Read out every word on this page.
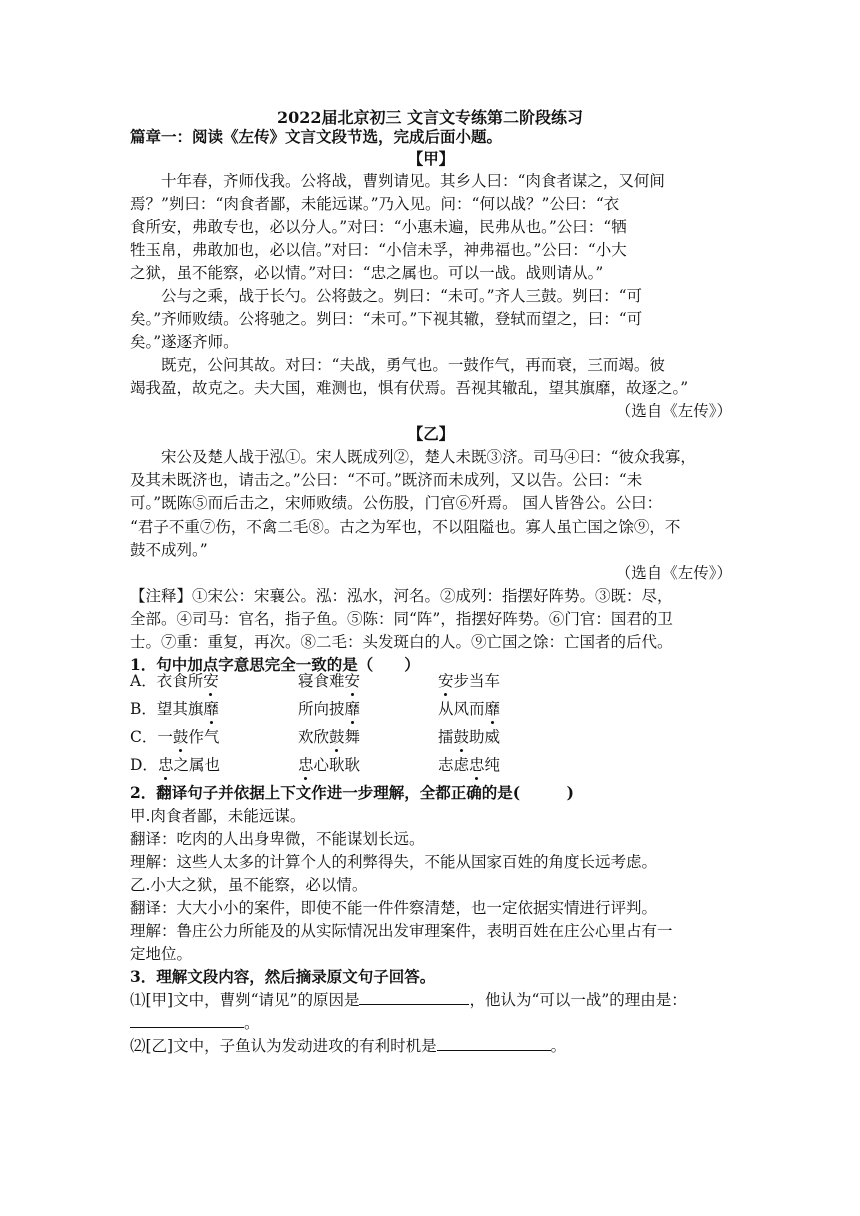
2022届北京初三 文言文专练第二阶段练习
篇章一：阅读《左传》文言文段节选，完成后面小题。
【甲】
十年春，齐师伐我。公将战，曹刿请见。其乡人曰：“肉食者谋之，又何间
焉？”刿曰：“肉食者鄙，未能远谋。”乃入见。问：“何以战？”公曰：“衣
食所安，弗敢专也，必以分人。”对曰：“小惠未遍，民弗从也。”公曰：“牺
牲玉帛，弗敢加也，必以信。”对曰：“小信未孚，神弗福也。”公曰：“小大
之狱，虽不能察，必以情。”对曰：“忠之属也。可以一战。战则请从。”
公与之乘，战于长勺。公将鼓之。刿曰：“未可。”齐人三鼓。刿曰：“可
矣。”齐师败绩。公将驰之。刿曰：“未可。”下视其辙，登轼而望之，曰：“可
矣。”遂逐齐师。
既克，公问其故。对曰：“夫战，勇气也。一鼓作气，再而衰，三而竭。彼
竭我盈，故克之。夫大国，难测也，惧有伏焉。吾视其辙乱，望其旗靡，故逐之。”
（选自《左传》）
【乙】
宋公及楚人战于泓①。宋人既成列②，楚人未既③济。司马④曰：“彼众我寡，
及其未既济也，请击之。”公曰：“不可。”既济而未成列，又以告。公曰：“未
可。”既陈⑤而后击之，宋师败绩。公伤股，门官⑥歼焉。 国人皆咎公。公曰：
“君子不重⑦伤，不禽二毛⑧。古之为军也，不以阻隘也。寡人虽亡国之馀⑨，不
鼓不成列。”
（选自《左传》）
【注释】①宋公：宋襄公。泓：泓水，河名。②成列：指摆好阵势。③既：尽，
全部。④司马：官名，指子鱼。⑤陈：同“阵”，指摆好阵势。⑥门官：国君的卫
士。⑦重：重复，再次。⑧二毛：头发斑白的人。⑨亡国之馀：亡国者的后代。
1．句中加点字意思完全一致的是（　　）
A．衣食所安	寝食难安	安步当车
B．望其旗靡	所向披靡	从风而靡
C．一鼓作气	欢欣鼓舞	擂鼓助威
D．忠之属也	忠心耿耿	志虑忠纯
2．翻译句子并依据上下文作进一步理解，全都正确的是(　　　)
甲.肉食者鄙，未能远谋。
翻译：吃肉的人出身卑微，不能谋划长远。
理解：这些人太多的计算个人的利弊得失，不能从国家百姓的角度长远考虑。
乙.小大之狱，虽不能察，必以情。
翻译：大大小小的案件，即使不能一件件察清楚，也一定依据实情进行评判。
理解：鲁庄公力所能及的从实际情况出发审理案件，表明百姓在庄公心里占有一
定地位。
3．理解文段内容，然后摘录原文句子回答。
⑴[甲]文中，曹刿“请见”的原因是	，他认为“可以一战”的理由是：
。
⑵[乙]文中，子鱼认为发动进攻的有利时机是	。
